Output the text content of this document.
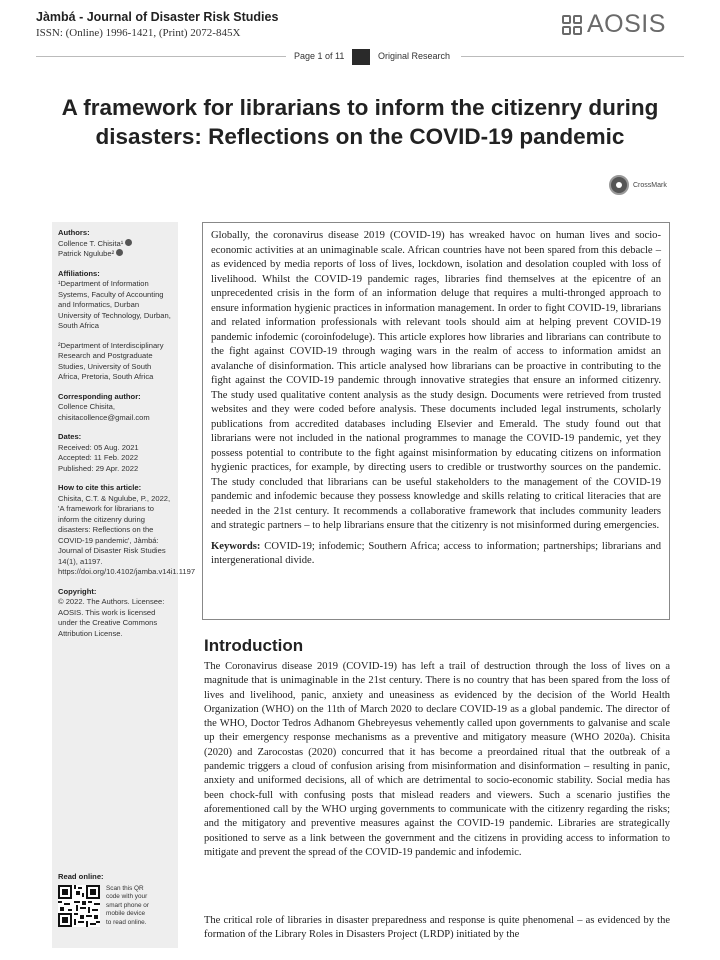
Jàmbá - Journal of Disaster Risk Studies
ISSN: (Online) 1996-1421, (Print) 2072-845X	AOSIS
Page 1 of 11	Original Research
A framework for librarians to inform the citizenry during disasters: Reflections on the COVID-19 pandemic
CrossMark
Authors:
Collence T. Chisita¹
Patrick Ngulube²
Affiliations:
¹Department of Information Systems, Faculty of Accounting and Informatics, Durban University of Technology, Durban, South Africa
²Department of Interdisciplinary Research and Postgraduate Studies, University of South Africa, Pretoria, South Africa
Corresponding author:
Collence Chisita,
chisitacollence@gmail.com
Dates:
Received: 05 Aug. 2021
Accepted: 11 Feb. 2022
Published: 29 Apr. 2022
How to cite this article:
Chisita, C.T. & Ngulube, P., 2022, 'A framework for librarians to inform the citizenry during disasters: Reflections on the COVID-19 pandemic', Jàmbá: Journal of Disaster Risk Studies 14(1), a1197. https://doi.org/10.4102/jamba.v14i1.1197
Copyright:
© 2022. The Authors. Licensee: AOSIS. This work is licensed under the Creative Commons Attribution License.
Read online:
Scan this QR
code with your
smart phone or
mobile device
to read online.

Globally, the coronavirus disease 2019 (COVID-19) has wreaked havoc on human lives and socio-economic activities at an unimaginable scale. African countries have not been spared from this debacle – as evidenced by media reports of loss of lives, lockdown, isolation and desolation coupled with loss of livelihood. Whilst the COVID-19 pandemic rages, libraries find themselves at the epicentre of an unprecedented crisis in the form of an information deluge that requires a multi-thronged approach to ensure information hygienic practices in information management. In order to fight COVID-19, librarians and related information professionals with relevant tools should aim at helping prevent COVID-19 pandemic infodemic (coroinfodeluge). This article explores how libraries and librarians can contribute to the fight against COVID-19 through waging wars in the realm of access to information amidst an avalanche of disinformation. This article analysed how librarians can be proactive in contributing to the fight against the COVID-19 pandemic through innovative strategies that ensure an informed citizenry. The study used qualitative content analysis as the study design. Documents were retrieved from trusted websites and they were coded before analysis. These documents included legal instruments, scholarly publications from accredited databases including Elsevier and Emerald. The study found out that librarians were not included in the national programmes to manage the COVID-19 pandemic, yet they possess potential to contribute to the fight against misinformation by educating citizens on information hygienic practices, for example, by directing users to credible or trustworthy sources on the pandemic. The study concluded that librarians can be useful stakeholders to the management of the COVID-19 pandemic and infodemic because they possess knowledge and skills relating to critical literacies that are needed in the 21st century. It recommends a collaborative framework that includes community leaders and strategic partners – to help librarians ensure that the citizenry is not misinformed during emergencies.

Keywords: COVID-19; infodemic; Southern Africa; access to information; partnerships; librarians and intergenerational divide.

Introduction

The Coronavirus disease 2019 (COVID-19) has left a trail of destruction through the loss of lives on a magnitude that is unimaginable in the 21st century. There is no country that has been spared from the loss of lives and livelihood, panic, anxiety and uneasiness as evidenced by the decision of the World Health Organization (WHO) on the 11th of March 2020 to declare COVID-19 as a global pandemic. The director of the WHO, Doctor Tedros Adhanom Ghebreyesus vehemently called upon governments to galvanise and scale up their emergency response mechanisms as a preventive and mitigatory measure (WHO 2020a). Chisita (2020) and Zarocostas (2020) concurred that it has become a preordained ritual that the outbreak of a pandemic triggers a cloud of confusion arising from misinformation and disinformation – resulting in panic, anxiety and uniformed decisions, all of which are detrimental to socio-economic stability. Social media has been chock-full with confusing posts that mislead readers and viewers. Such a scenario justifies the aforementioned call by the WHO urging governments to communicate with the citizenry regarding the risks; and the mitigatory and preventive measures against the COVID-19 pandemic. Libraries are strategically positioned to serve as a link between the government and the citizens in providing access to information to mitigate and prevent the spread of the COVID-19 pandemic and infodemic.

The critical role of libraries in disaster preparedness and response is quite phenomenal – as evidenced by the formation of the Library Roles in Disasters Project (LRDP) initiated by the
